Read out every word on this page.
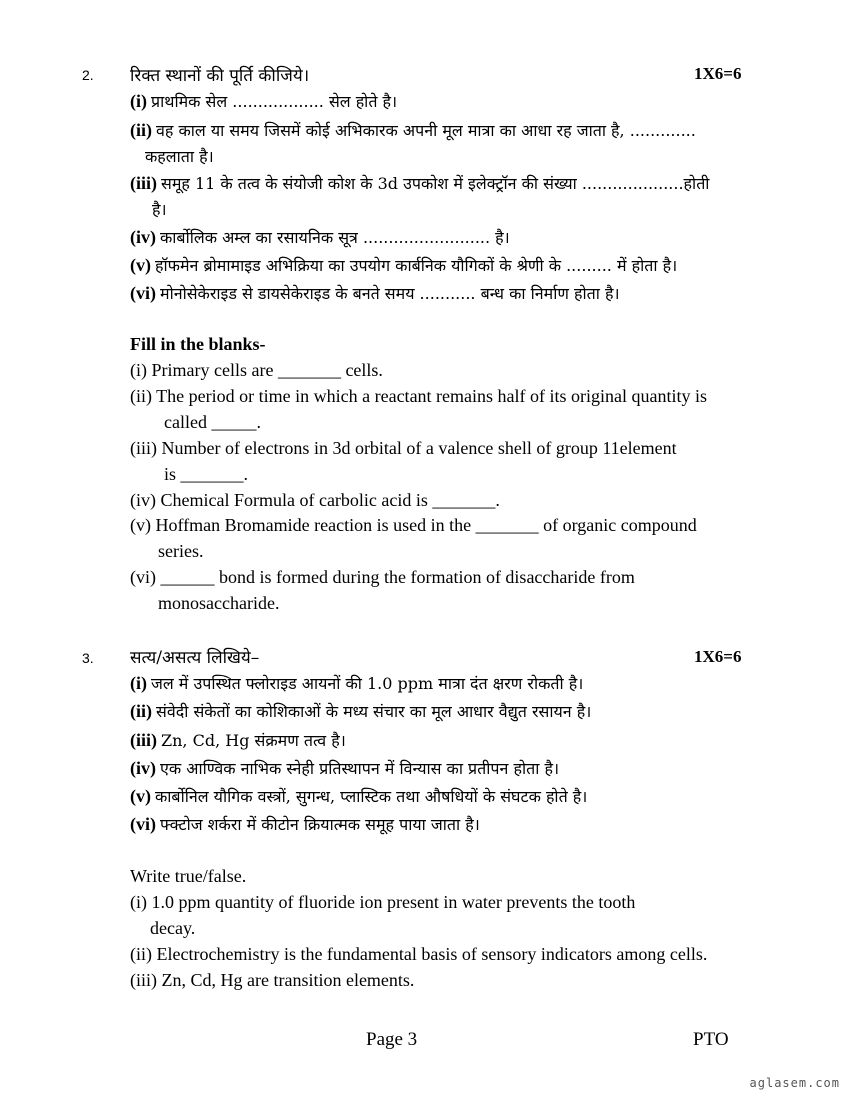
2. रिक्त स्थानों की पूर्ति कीजिये।	1X6=6
(i) प्राथमिक सेल .................. सेल होते है।
(ii) वह काल या समय जिसमें कोई अभिकारक अपनी मूल मात्रा का आधा रह जाता है, .............
कहलाता है।
(iii) समूह 11 के तत्व के संयोजी कोश के 3d उपकोश में इलेक्ट्रॉन की संख्या ....................होती
है।
(iv) कार्बोलिक अम्ल का रसायनिक सूत्र ......................... है।
(v) हॉफमेन ब्रोमामाइड अभिक्रिया का उपयोग कार्बनिक यौगिकों के श्रेणी के ......... में होता है।
(vi) मोनोसेकेराइड से डायसेकेराइड के बनते समय ........... बन्ध का निर्माण होता है।
Fill in the blanks-
(i) Primary cells are _______ cells.
(ii) The period or time in which a reactant remains half of its original quantity is
called _____.
(iii) Number of electrons in 3d orbital of a valence shell of group 11element
is _______.
(iv) Chemical Formula of carbolic acid is _______.
(v) Hoffman Bromamide reaction is used in the _______ of organic compound
series.
(vi) ______ bond is formed during the formation of disaccharide from
monosaccharide.
3. सत्य/असत्य लिखिये–	1X6=6
(i) जल में उपस्थित फ्लोराइड आयनों की 1.0 ppm मात्रा दंत क्षरण रोकती है।
(ii) संवेदी संकेतों का कोशिकाओं के मध्य संचार का मूल आधार वैद्युत रसायन है।
(iii) Zn, Cd, Hg संक्रमण तत्व है।
(iv) एक आण्विक नाभिक स्नेही प्रतिस्थापन में विन्यास का प्रतीपन होता है।
(v) कार्बोनिल यौगिक वस्त्रों, सुगन्ध, प्लास्टिक तथा औषधियों के संघटक होते है।
(vi) फ्क्टोज शर्करा में कीटोन क्रियात्मक समूह पाया जाता है।
Write true/false.
(i) 1.0 ppm quantity of fluoride ion present in water prevents the tooth
decay.
(ii) Electrochemistry is the fundamental basis of sensory indicators among cells.
(iii) Zn, Cd, Hg are transition elements.
Page 3	PTO
aglasem.com
